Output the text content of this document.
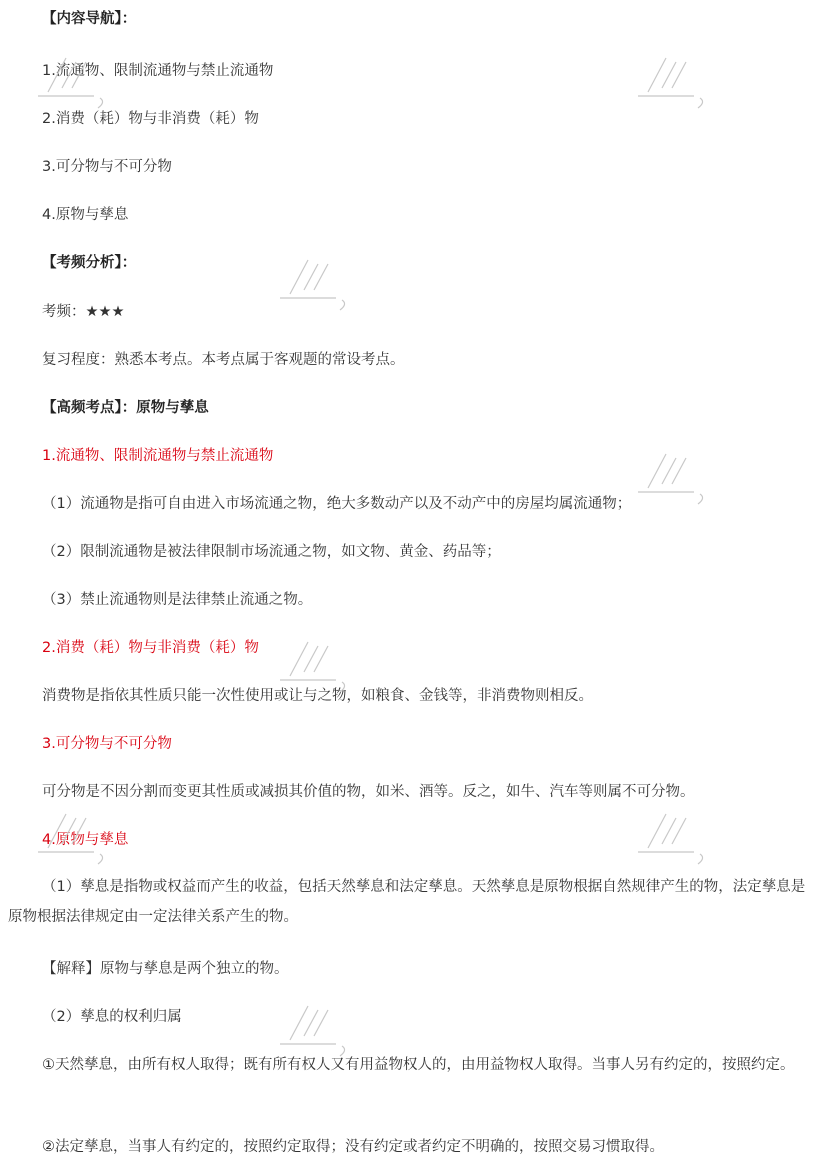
【内容导航】：
1.流通物、限制流通物与禁止流通物
2.消费（耗）物与非消费（耗）物
3.可分物与不可分物
4.原物与孳息
【考频分析】：
考频：★★★
复习程度：熟悉本考点。本考点属于客观题的常设考点。
【高频考点】：原物与孳息
1.流通物、限制流通物与禁止流通物
（1）流通物是指可自由进入市场流通之物，绝大多数动产以及不动产中的房屋均属流通物；
（2）限制流通物是被法律限制市场流通之物，如文物、黄金、药品等；
（3）禁止流通物则是法律禁止流通之物。
2.消费（耗）物与非消费（耗）物
消费物是指依其性质只能一次性使用或让与之物，如粮食、金钱等，非消费物则相反。
3.可分物与不可分物
可分物是不因分割而变更其性质或减损其价值的物，如米、酒等。反之，如牛、汽车等则属不可分物。
4.原物与孳息
（1）孳息是指物或权益而产生的收益，包括天然孳息和法定孳息。天然孳息是原物根据自然规律产生的物，法定孳息是原物根据法律规定由一定法律关系产生的物。
【解释】原物与孳息是两个独立的物。
（2）孳息的权利归属
①天然孳息，由所有权人取得；既有所有权人又有用益物权人的，由用益物权人取得。当事人另有约定的，按照约定。
②法定孳息，当事人有约定的，按照约定取得；没有约定或者约定不明确的，按照交易习惯取得。
